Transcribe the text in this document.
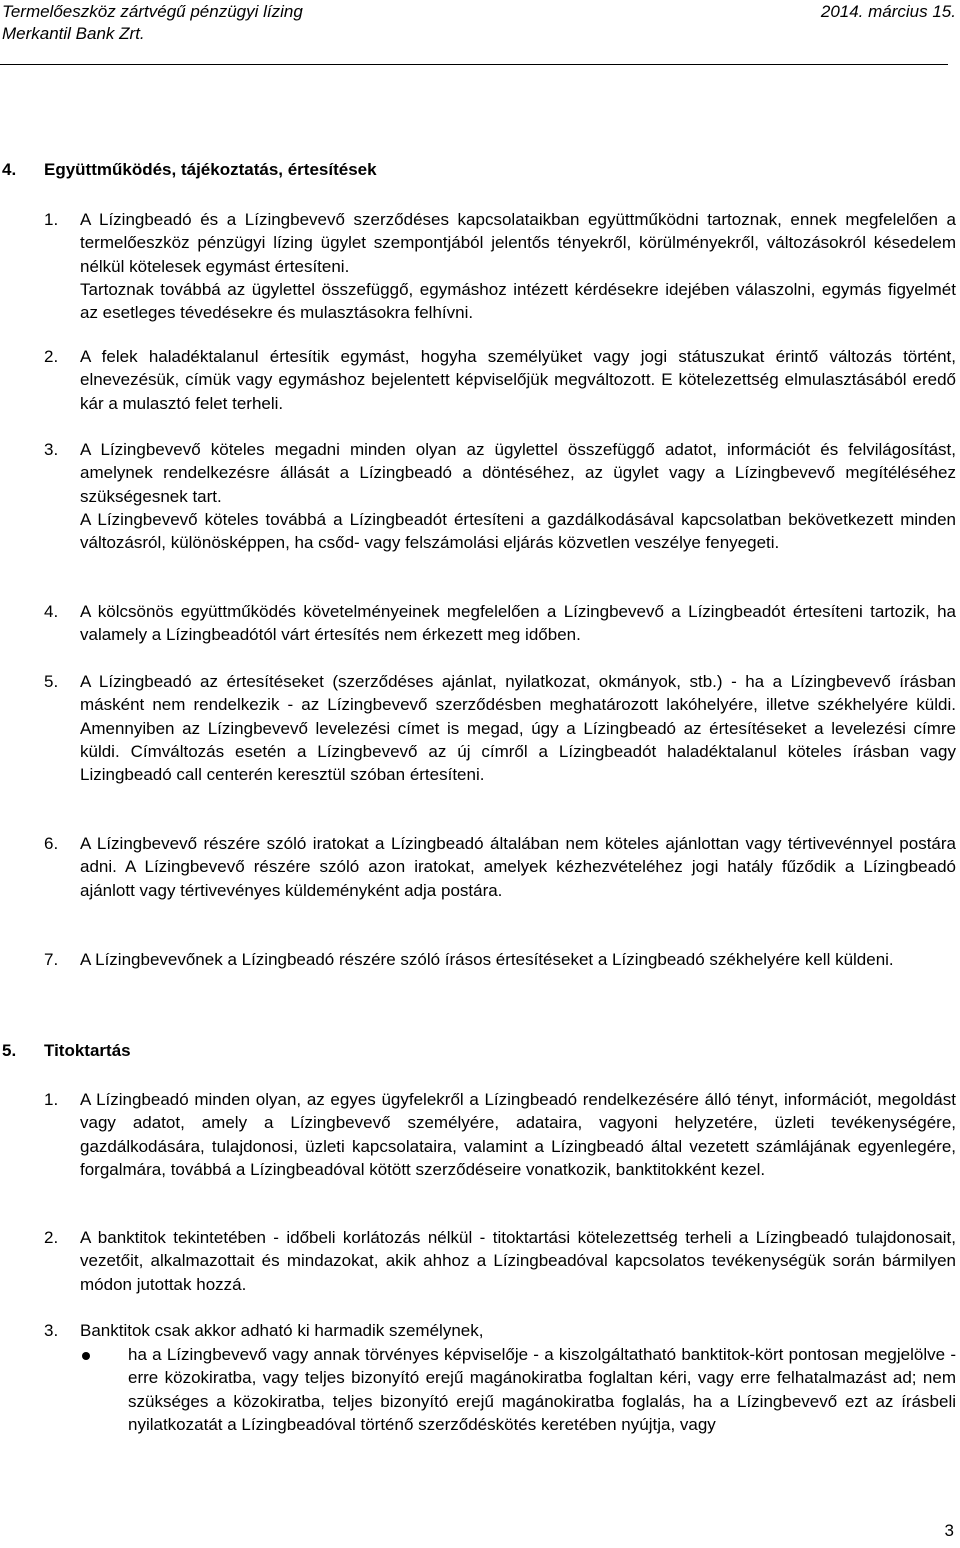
Termelőeszköz zártvégű pénzügyi lízing
Merkantil Bank Zrt.
2014. március 15.
4. Együttműködés, tájékoztatás, értesítések
1. A Lízingbeadó és a Lízingbevevő szerződéses kapcsolataikban együttműködni tartoznak, ennek megfelelően a termelőeszköz pénzügyi lízing ügylet szempontjából jelentős tényekről, körülményekről, változásokról késedelem nélkül kötelesek egymást értesíteni.

Tartoznak továbbá az ügylettel összefüggő, egymáshoz intézett kérdésekre idejében válaszolni, egymás figyelmét az esetleges tévedésekre és mulasztásokra felhívni.

2. A felek haladéktalanul értesítik egymást, hogyha személyüket vagy jogi státuszukat érintő változás történt, elnevezésük, címük vagy egymáshoz bejelentett képviselőjük megváltozott. E kötelezettség elmulasztásából eredő kár a mulasztó felet terheli.

3. A Lízingbevevő köteles megadni minden olyan az ügylettel összefüggő adatot, információt és felvilágosítást, amelynek rendelkezésre állását a Lízingbeadó a döntéséhez, az ügylet vagy a Lízingbevevő megítéléséhez szükségesnek tart.

A Lízingbevevő köteles továbbá a Lízingbeadót értesíteni a gazdálkodásával kapcsolatban bekövetkezett minden változásról, különösképpen, ha csőd- vagy felszámolási eljárás közvetlen veszélye fenyegeti.

4. A kölcsönös együttműködés követelményeinek megfelelően a Lízingbevevő a Lízingbeadót értesíteni tartozik, ha valamely a Lízingbeadótól várt értesítés nem érkezett meg időben.

5. A Lízingbeadó az értesítéseket (szerződéses ajánlat, nyilatkozat, okmányok, stb.) - ha a Lízingbevevő írásban másként nem rendelkezik - az Lízingbevevő szerződésben meghatározott lakóhelyére, illetve székhelyére küldi. Amennyiben az Lízingbevevő levelezési címet is megad, úgy a Lízingbeadó az értesítéseket a levelezési címre küldi. Címváltozás esetén a Lízingbevevő az új címről a Lízingbeadót haladéktalanul köteles írásban vagy Lizingbeadó call centerén keresztül szóban értesíteni.

6. A Lízingbevevő részére szóló iratokat a Lízingbeadó általában nem köteles ajánlottan vagy tértivevénnyel postára adni. A Lízingbevevő részére szóló azon iratokat, amelyek kézhezvételéhez jogi hatály fűződik a Lízingbeadó ajánlott vagy tértivevényes küldeményként adja postára.

7. A Lízingbevevőnek a Lízingbeadó részére szóló írásos értesítéseket a Lízingbeadó székhelyére kell küldeni.

5. Titoktartás
1. A Lízingbeadó minden olyan, az egyes ügyfelekről a Lízingbeadó rendelkezésére álló tényt, információt, megoldást vagy adatot, amely a Lízingbevevő személyére, adataira, vagyoni helyzetére, üzleti tevékenységére, gazdálkodására, tulajdonosi, üzleti kapcsolataira, valamint a Lízingbeadó által vezetett számlájának egyenlegére, forgalmára, továbbá a Lízingbeadóval kötött szerződéseire vonatkozik, banktitokként kezel.

2. A banktitok tekintetében - időbeli korlátozás nélkül - titoktartási kötelezettség terheli a Lízingbeadó tulajdonosait, vezetőit, alkalmazottait és mindazokat, akik ahhoz a Lízingbeadóval kapcsolatos tevékenységük során bármilyen módon jutottak hozzá.

3. Banktitok csak akkor adható ki harmadik személynek,

ha a Lízingbevevő vagy annak törvényes képviselője - a kiszolgáltatható banktitok-kört pontosan megjelölve - erre közokiratba, vagy teljes bizonyító erejű magánokiratba foglaltan kéri, vagy erre felhatalmazást ad; nem szükséges a közokiratba, teljes bizonyító erejű magánokiratba foglalás, ha a Lízingbevevő ezt az írásbeli nyilatkozatát a Lízingbeadóval történő szerződéskötés keretében nyújtja, vagy
3
